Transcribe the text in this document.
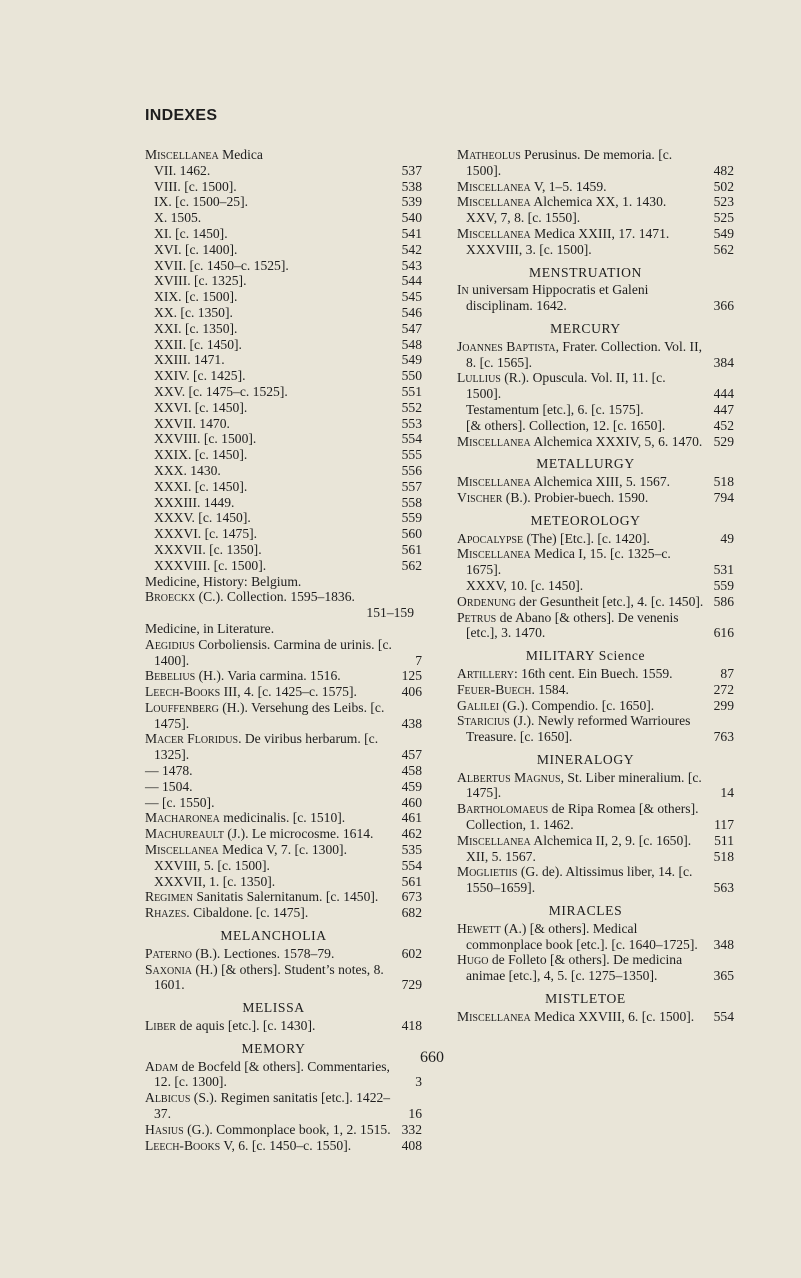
INDEXES
Miscellanea Medica
VII. 1462.	537
VIII. [c. 1500].	538
IX. [c. 1500–25].	539
X. 1505.	540
XI. [c. 1450].	541
XVI. [c. 1400].	542
XVII. [c. 1450–c. 1525].	543
XVIII. [c. 1325].	544
XIX. [c. 1500].	545
XX. [c. 1350].	546
XXI. [c. 1350].	547
XXII. [c. 1450].	548
XXIII. 1471.	549
XXIV. [c. 1425].	550
XXV. [c. 1475–c. 1525].	551
XXVI. [c. 1450].	552
XXVII. 1470.	553
XXVIII. [c. 1500].	554
XXIX. [c. 1450].	555
XXX. 1430.	556
XXXI. [c. 1450].	557
XXXIII. 1449.	558
XXXV. [c. 1450].	559
XXXVI. [c. 1475].	560
XXXVII. [c. 1350].	561
XXXVIII. [c. 1500].	562
Medicine, History: Belgium.
Broeckx (C.). Collection. 1595–1836.
151–159
Medicine, in Literature.
Aegidius Corboliensis. Carmina de urinis. [c. 1400].	7
Bebelius (H.). Varia carmina. 1516.	125
Leech-Books III, 4. [c. 1425–c. 1575].	406
Louffenberg (H.). Versehung des Leibs. [c. 1475].	438
Macer Floridus. De viribus herbarum. [c. 1325].	457
— 1478.	458
— 1504.	459
— [c. 1550].	460
Macharonea medicinalis. [c. 1510].	461
Machureault (J.). Le microcosme. 1614. 462
Miscellanea Medica V, 7. [c. 1300].	535
XXVIII, 5. [c. 1500].	554
XXXVII, 1. [c. 1350].	561
Regimen Sanitatis Salernitanum. [c. 1450]. 673
Rhazes. Cibaldone. [c. 1475].	682
MELANCHOLIA
Paterno (B.). Lectiones. 1578–79.	602
Saxonia (H.) [& others]. Student’s notes, 8. 1601.	729
MELISSA
Liber de aquis [etc.]. [c. 1430].	418
MEMORY
Adam de Bocfeld [& others]. Commentaries, 12. [c. 1300].	3
Albicus (S.). Regimen sanitatis [etc.]. 1422–37.	16
Hasius (G.). Commonplace book, 1, 2. 1515. 332
Leech-Books V, 6. [c. 1450–c. 1550].	408
Matheolus Perusinus. De memoria. [c. 1500].	482
Miscellanea V, 1–5. 1459.	502
Miscellanea Alchemica XX, 1. 1430.	523
XXV, 7, 8. [c. 1550].	525
Miscellanea Medica XXIII, 17. 1471.	549
XXXVIII, 3. [c. 1500].	562
MENSTRUATION
In universam Hippocratis et Galeni disciplinam. 1642.	366
MERCURY
Joannes Baptista, Frater. Collection. Vol. II, 8. [c. 1565].	384
Lullius (R.). Opuscula. Vol. II, 11. [c. 1500].	444
Testamentum [etc.], 6. [c. 1575].	447
[& others]. Collection, 12. [c. 1650].	452
Miscellanea Alchemica XXXIV, 5, 6. 1470. 529
METALLURGY
Miscellanea Alchemica XIII, 5. 1567.	518
Vischer (B.). Probier-buech. 1590.	794
METEOROLOGY
Apocalypse (The) [Etc.]. [c. 1420].	49
Miscellanea Medica I, 15. [c. 1325–c. 1675].	531
XXXV, 10. [c. 1450].	559
Ordenung der Gesuntheit [etc.], 4. [c. 1450]. 586
Petrus de Abano [& others]. De venenis [etc.], 3. 1470.	616
MILITARY Science
Artillery: 16th cent. Ein Buech. 1559.	87
Feuer-Buech. 1584.	272
Galilei (G.). Compendio. [c. 1650].	299
Staricius (J.). Newly reformed Warrioures Treasure. [c. 1650].	763
MINERALOGY
Albertus Magnus, St. Liber mineralium. [c. 1475].	14
Bartholomaeus de Ripa Romea [& others]. Collection, 1. 1462.	117
Miscellanea Alchemica II, 2, 9. [c. 1650]. 511
XII, 5. 1567.	518
Moglietiis (G. de). Altissimus liber, 14. [c. 1550–1659].	563
MIRACLES
Hewett (A.) [& others]. Medical commonplace book [etc.]. [c. 1640–1725]. 348
Hugo de Folleto [& others]. De medicina animae [etc.], 4, 5. [c. 1275–1350].	365
MISTLETOE
Miscellanea Medica XXVIII, 6. [c. 1500]. 554
660
